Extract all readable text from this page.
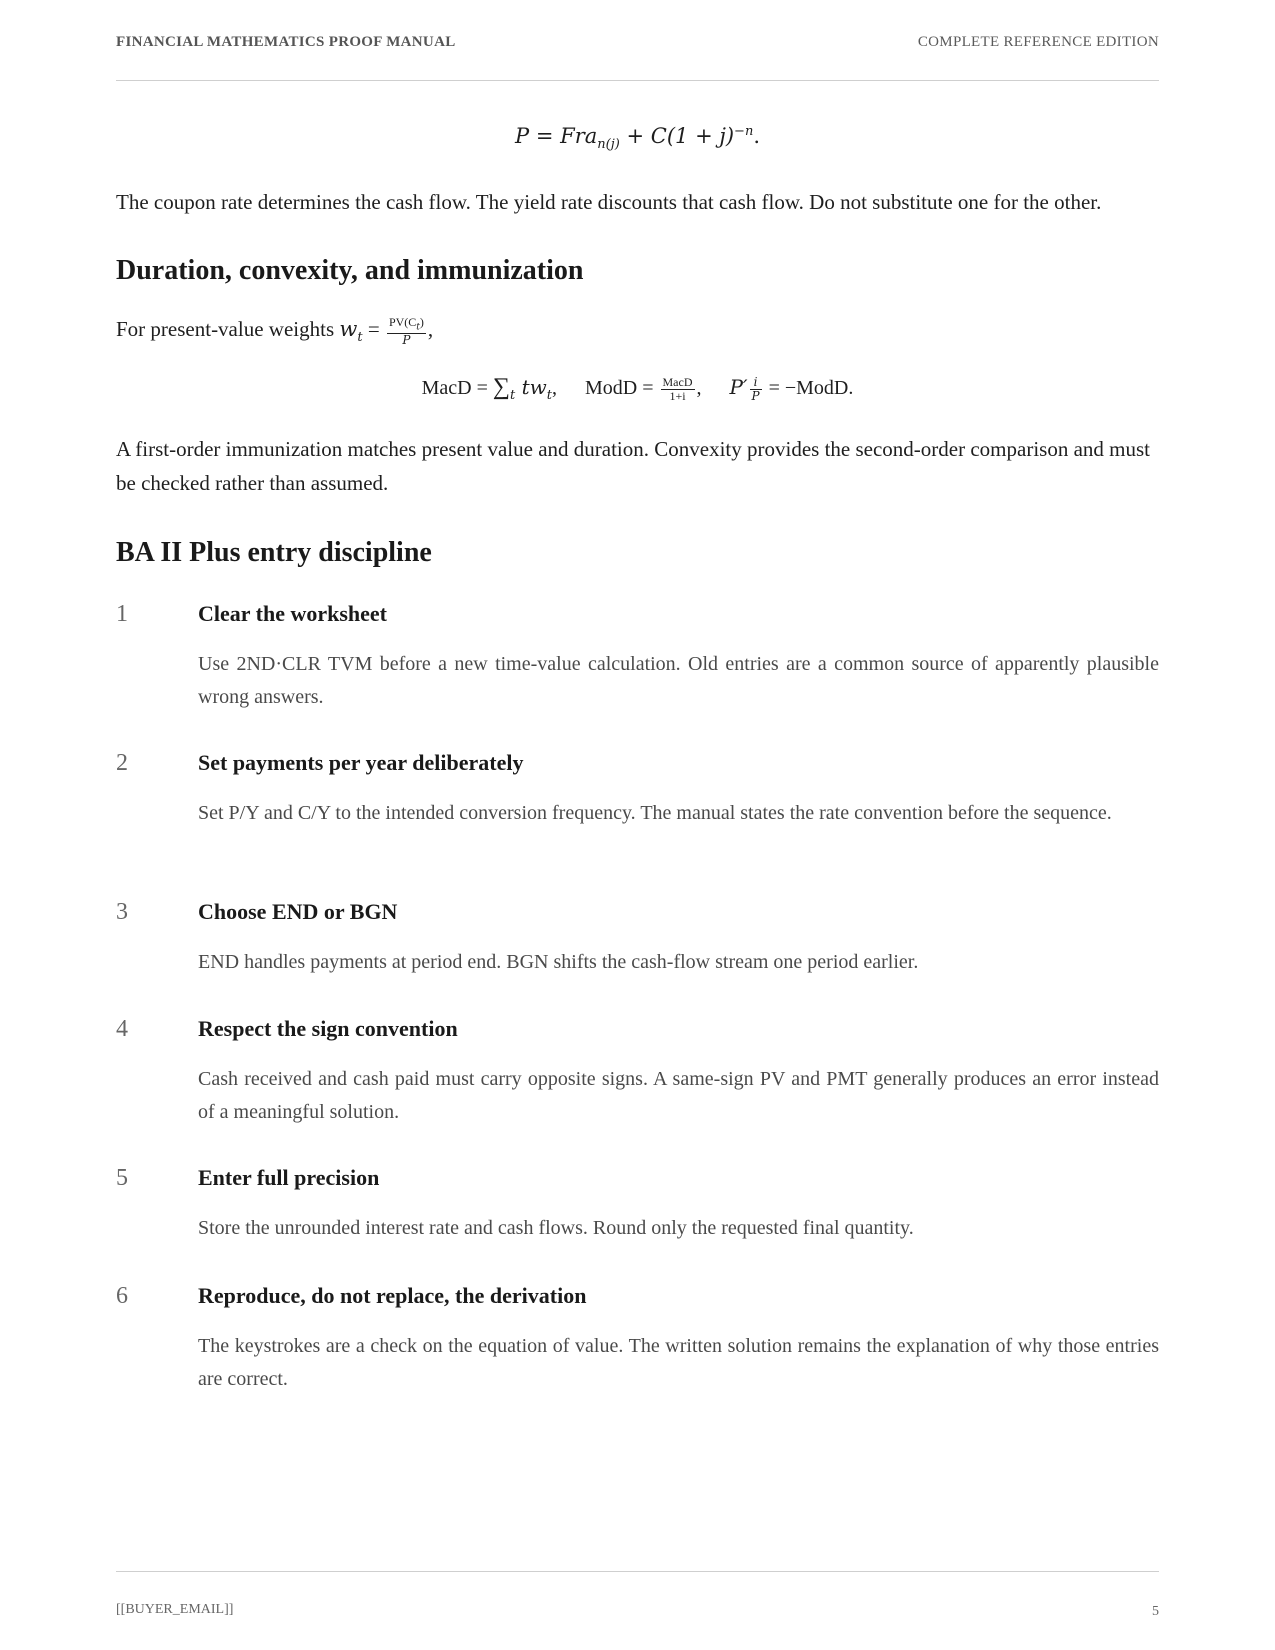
FINANCIAL MATHEMATICS PROOF MANUAL	COMPLETE REFERENCE EDITION
$P = Fra_{n(j)} + C(1 + j)^{-n}$.

The coupon rate determines the cash flow. The yield rate discounts that cash flow. Do not substitute one for the other.

Duration, convexity, and immunization
For present-value weights $w_t = \frac{PV(C_t)}{P}$ ,
MacD = $\sum_t$ $tw_t$, ModD = $\frac{\text{MacD}}{1+i}$ , $P' \frac{i}{P}$ = −ModD.

A first-order immunization matches present value and duration. Convexity provides the second-order comparison and must be checked rather than assumed.

BA II Plus entry discipline
1	Clear the worksheet
Use 2ND·CLR TVM before a new time-value calculation. Old entries are a common source of apparently plausible wrong answers.
2	Set payments per year deliberately
Set P/Y and C/Y to the intended conversion frequency. The manual states the rate convention before the sequence.
3	Choose END or BGN
END handles payments at period end. BGN shifts the cash-flow stream one period earlier.
4	Respect the sign convention
Cash received and cash paid must carry opposite signs. A same-sign PV and PMT generally produces an error instead of a meaningful solution.
5	Enter full precision
Store the unrounded interest rate and cash flows. Round only the requested final quantity.
6	Reproduce, do not replace, the derivation
The keystrokes are a check on the equation of value. The written solution remains the explanation of why those entries are correct.
[[BUYER_EMAIL]]	5
